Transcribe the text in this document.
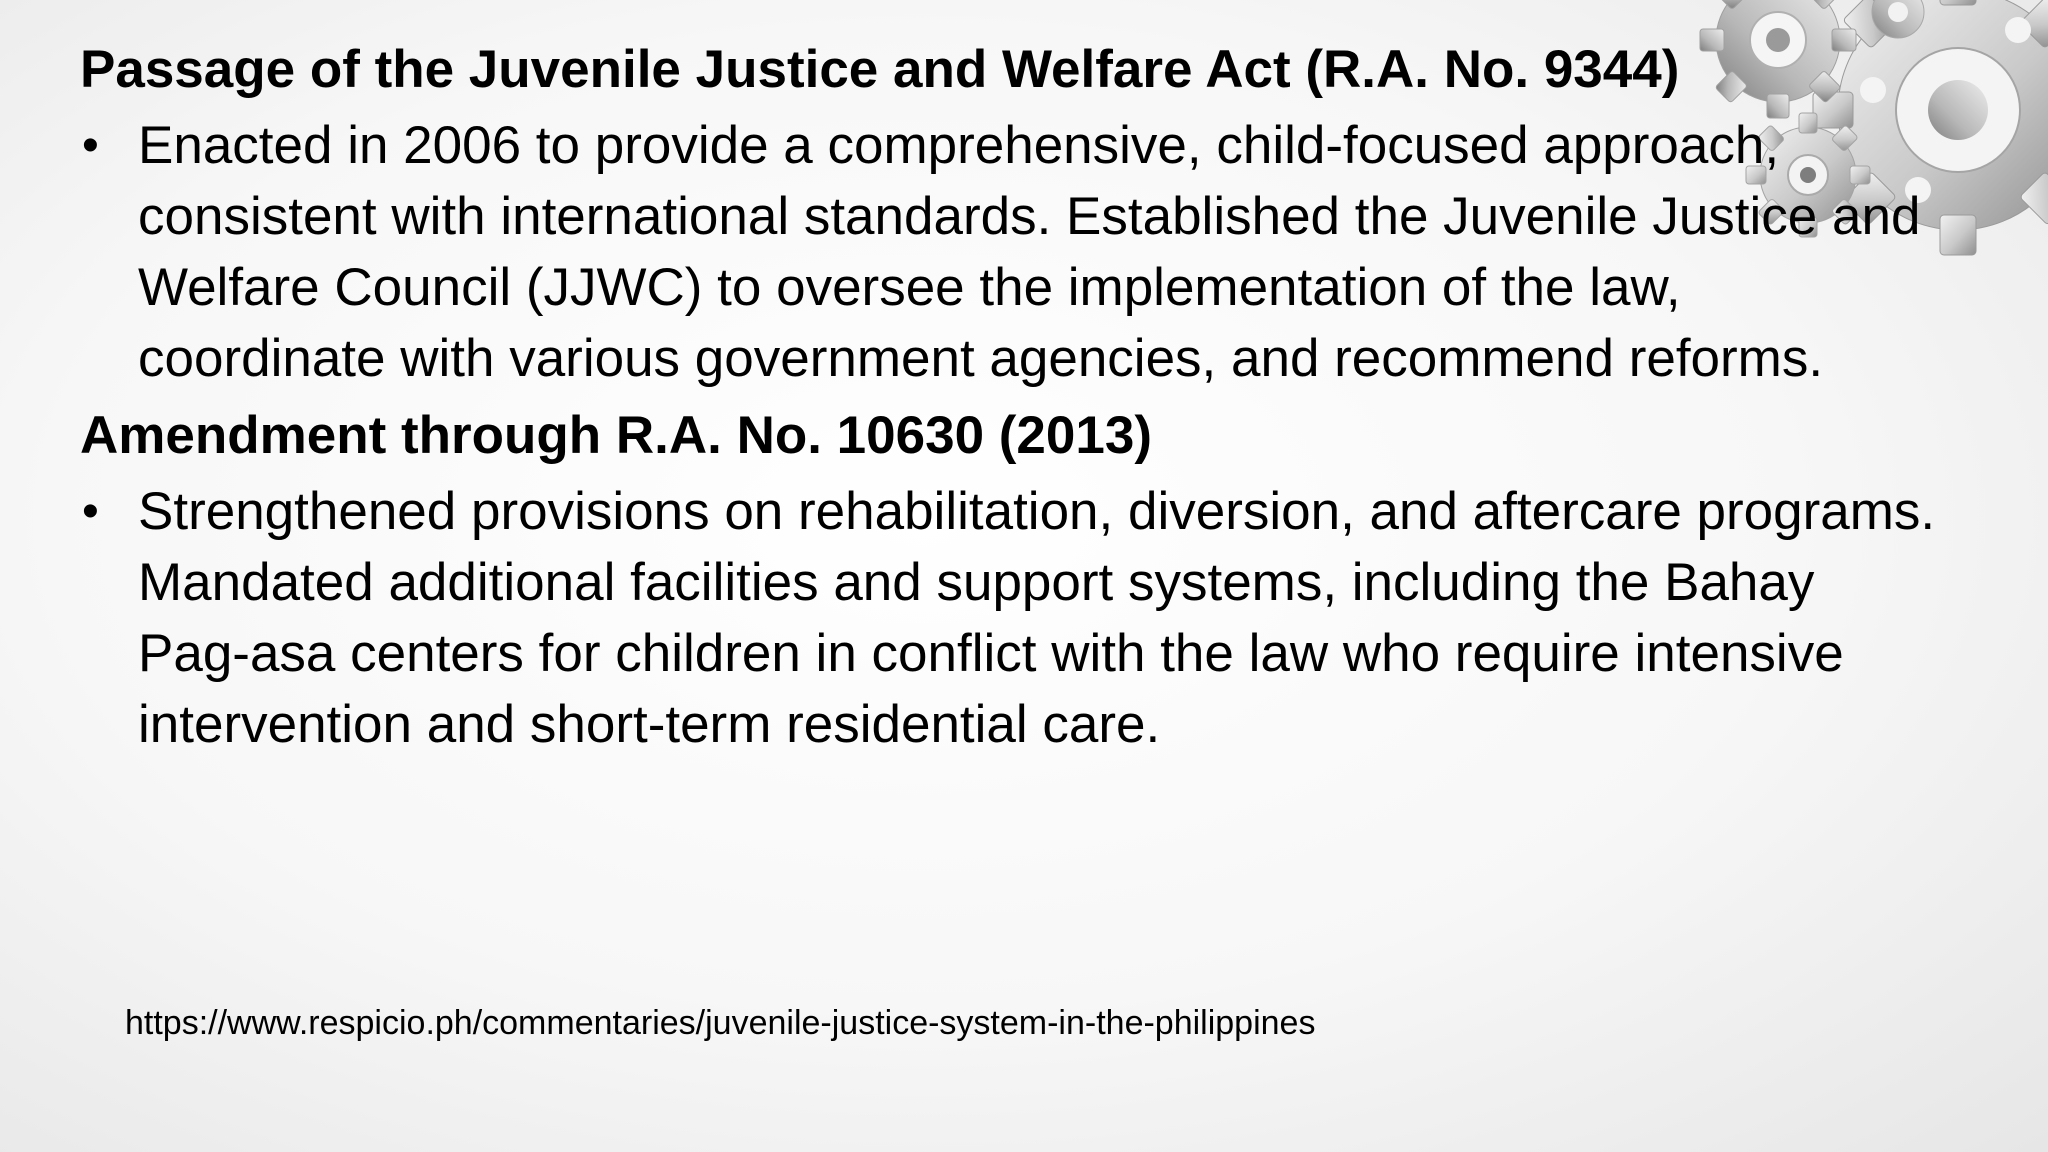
Passage of the Juvenile Justice and Welfare Act (R.A. No. 9344)

• Enacted in 2006 to provide a comprehensive, child-focused approach, consistent with international standards. Established the Juvenile Justice and Welfare Council (JJWC) to oversee the implementation of the law, coordinate with various government agencies, and recommend reforms.

Amendment through R.A. No. 10630 (2013)

• Strengthened provisions on rehabilitation, diversion, and aftercare programs. Mandated additional facilities and support systems, including the Bahay Pag-asa centers for children in conflict with the law who require intensive intervention and short-term residential care.
https://www.respicio.ph/commentaries/juvenile-justice-system-in-the-philippines
